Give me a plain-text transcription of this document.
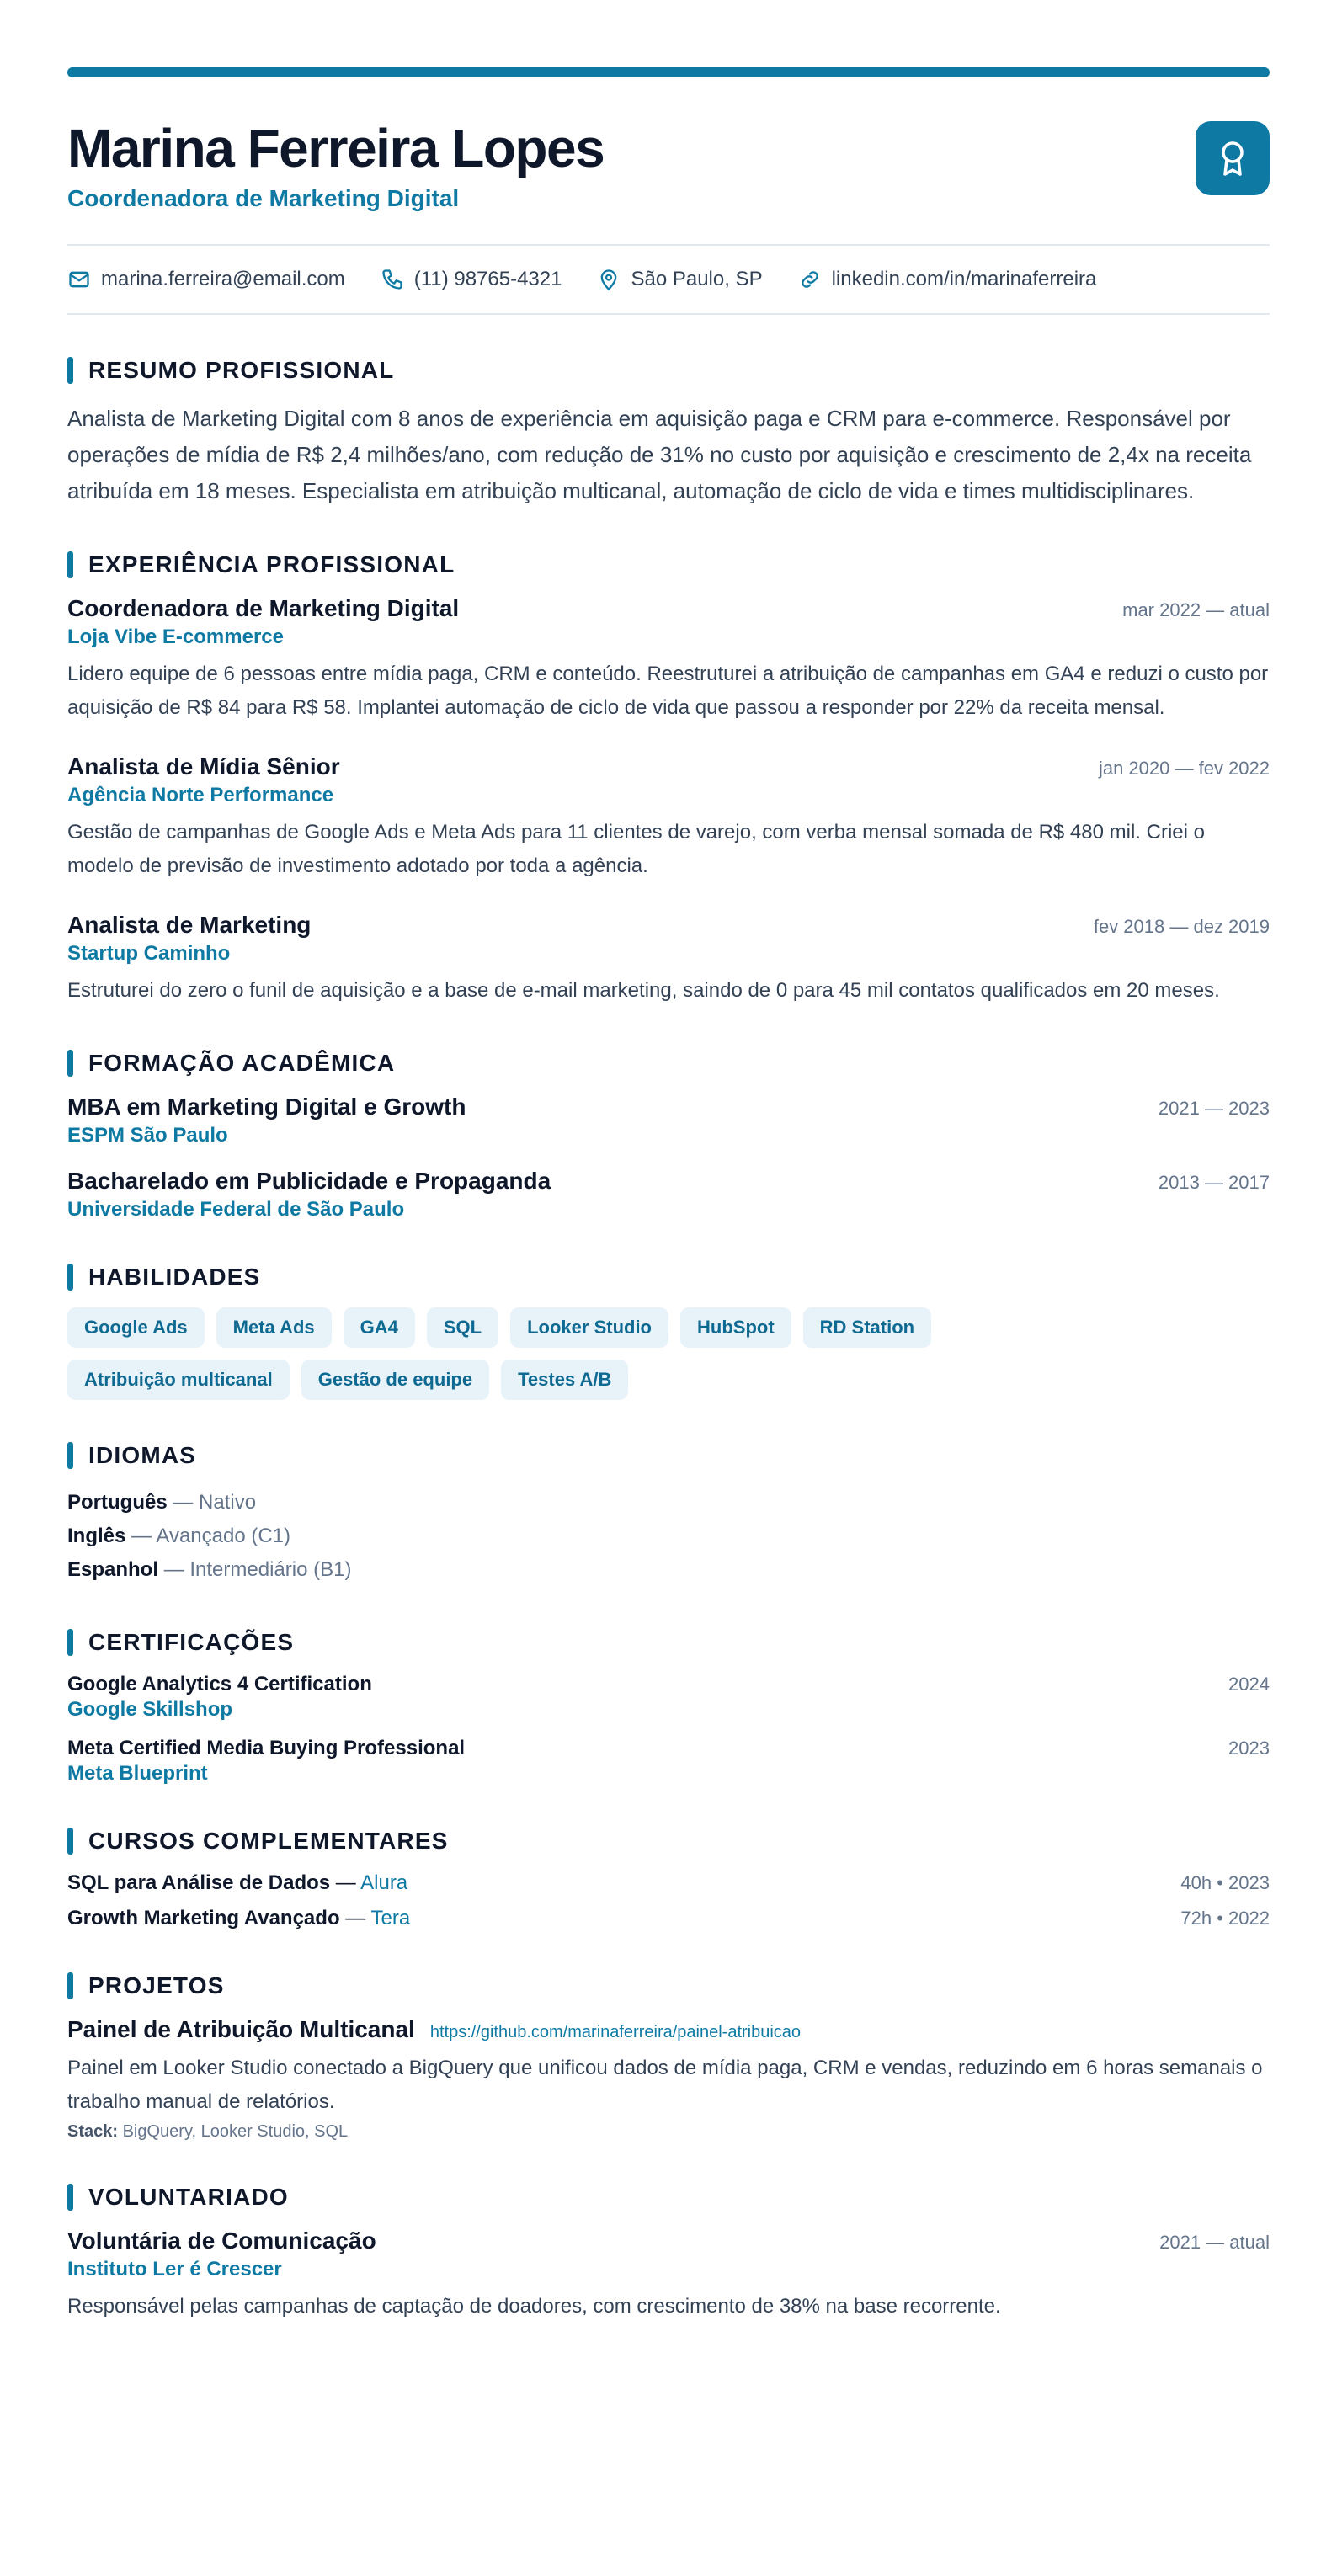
Marina Ferreira Lopes
Coordenadora de Marketing Digital
marina.ferreira@email.com	(11) 98765-4321	São Paulo, SP	linkedin.com/in/marinaferreira
RESUMO PROFISSIONAL
Analista de Marketing Digital com 8 anos de experiência em aquisição paga e CRM para e-commerce. Responsável por operações de mídia de R$ 2,4 milhões/ano, com redução de 31% no custo por aquisição e crescimento de 2,4x na receita atribuída em 18 meses. Especialista em atribuição multicanal, automação de ciclo de vida e times multidisciplinares.
EXPERIÊNCIA PROFISSIONAL
Coordenadora de Marketing Digital	mar 2022 — atual
Loja Vibe E-commerce
Lidero equipe de 6 pessoas entre mídia paga, CRM e conteúdo. Reestruturei a atribuição de campanhas em GA4 e reduzi o custo por aquisição de R$ 84 para R$ 58. Implantei automação de ciclo de vida que passou a responder por 22% da receita mensal.
Analista de Mídia Sênior	jan 2020 — fev 2022
Agência Norte Performance
Gestão de campanhas de Google Ads e Meta Ads para 11 clientes de varejo, com verba mensal somada de R$ 480 mil. Criei o modelo de previsão de investimento adotado por toda a agência.
Analista de Marketing	fev 2018 — dez 2019
Startup Caminho
Estruturei do zero o funil de aquisição e a base de e-mail marketing, saindo de 0 para 45 mil contatos qualificados em 20 meses.
FORMAÇÃO ACADÊMICA
MBA em Marketing Digital e Growth	2021 — 2023
ESPM São Paulo
Bacharelado em Publicidade e Propaganda	2013 — 2017
Universidade Federal de São Paulo
HABILIDADES
Google Ads	Meta Ads	GA4	SQL	Looker Studio	HubSpot	RD Station
Atribuição multicanal	Gestão de equipe	Testes A/B
IDIOMAS
Português — Nativo
Inglês — Avançado (C1)
Espanhol — Intermediário (B1)
CERTIFICAÇÕES
Google Analytics 4 Certification	2024
Google Skillshop
Meta Certified Media Buying Professional	2023
Meta Blueprint
CURSOS COMPLEMENTARES
SQL para Análise de Dados — Alura	40h • 2023
Growth Marketing Avançado — Tera	72h • 2022
PROJETOS
Painel de Atribuição Multicanal https://github.com/marinaferreira/painel-atribuicao
Painel em Looker Studio conectado a BigQuery que unificou dados de mídia paga, CRM e vendas, reduzindo em 6 horas semanais o trabalho manual de relatórios.
Stack: BigQuery, Looker Studio, SQL
VOLUNTARIADO
Voluntária de Comunicação	2021 — atual
Instituto Ler é Crescer
Responsável pelas campanhas de captação de doadores, com crescimento de 38% na base recorrente.
